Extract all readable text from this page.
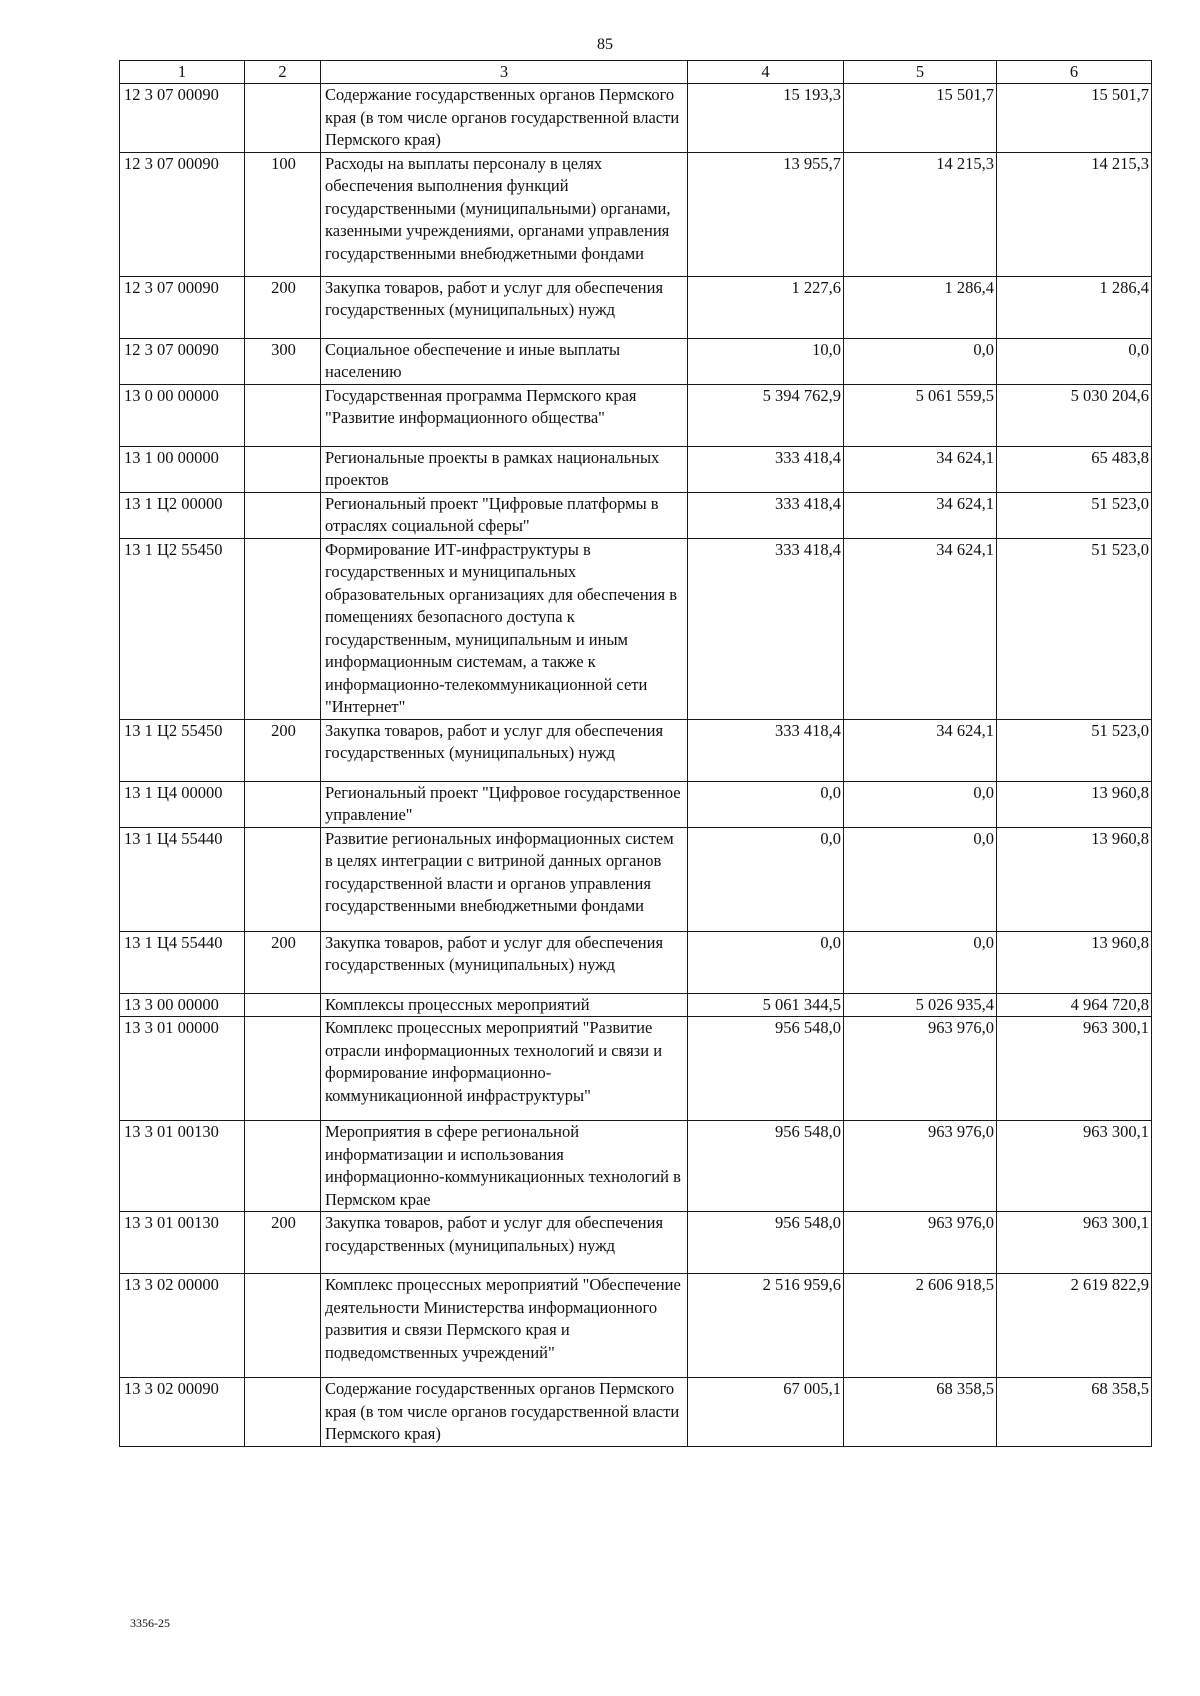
85
1	2	3	4	5	6
12 3 07 00090		Содержание государственных органов Пермского края (в том числе органов государственной власти Пермского края)	15 193,3	15 501,7	15 501,7
12 3 07 00090	100	Расходы на выплаты персоналу в целях обеспечения выполнения функций государственными (муниципальными) органами, казенными учреждениями, органами управления государственными внебюджетными фондами	13 955,7	14 215,3	14 215,3
12 3 07 00090	200	Закупка товаров, работ и услуг для обеспечения государственных (муниципальных) нужд	1 227,6	1 286,4	1 286,4
12 3 07 00090	300	Социальное обеспечение и иные выплаты населению	10,0	0,0	0,0
13 0 00 00000		Государственная программа Пермского края "Развитие информационного общества"	5 394 762,9	5 061 559,5	5 030 204,6
13 1 00 00000		Региональные проекты в рамках национальных проектов	333 418,4	34 624,1	65 483,8
13 1 Ц2 00000		Региональный проект "Цифровые платформы в отраслях социальной сферы"	333 418,4	34 624,1	51 523,0
13 1 Ц2 55450		Формирование ИТ-инфраструктуры в государственных и муниципальных образовательных организациях для обеспечения в помещениях безопасного доступа к государственным, муниципальным и иным информационным системам, а также к информационно-телекоммуникационной сети "Интернет"	333 418,4	34 624,1	51 523,0
13 1 Ц2 55450	200	Закупка товаров, работ и услуг для обеспечения государственных (муниципальных) нужд	333 418,4	34 624,1	51 523,0
13 1 Ц4 00000		Региональный проект "Цифровое государственное управление"	0,0	0,0	13 960,8
13 1 Ц4 55440		Развитие региональных информационных систем в целях интеграции с витриной данных органов государственной власти и органов управления государственными внебюджетными фондами	0,0	0,0	13 960,8
13 1 Ц4 55440	200	Закупка товаров, работ и услуг для обеспечения государственных (муниципальных) нужд	0,0	0,0	13 960,8
13 3 00 00000		Комплексы процессных мероприятий	5 061 344,5	5 026 935,4	4 964 720,8
13 3 01 00000		Комплекс процессных мероприятий "Развитие отрасли информационных технологий и связи и формирование информационно-коммуникационной инфраструктуры"	956 548,0	963 976,0	963 300,1
13 3 01 00130		Мероприятия в сфере региональной информатизации и использования информационно-коммуникационных технологий в Пермском крае	956 548,0	963 976,0	963 300,1
13 3 01 00130	200	Закупка товаров, работ и услуг для обеспечения государственных (муниципальных) нужд	956 548,0	963 976,0	963 300,1
13 3 02 00000		Комплекс процессных мероприятий "Обеспечение деятельности Министерства информационного развития и связи Пермского края и подведомственных учреждений"	2 516 959,6	2 606 918,5	2 619 822,9
13 3 02 00090		Содержание государственных органов Пермского края (в том числе органов государственной власти Пермского края)	67 005,1	68 358,5	68 358,5
3356-25
